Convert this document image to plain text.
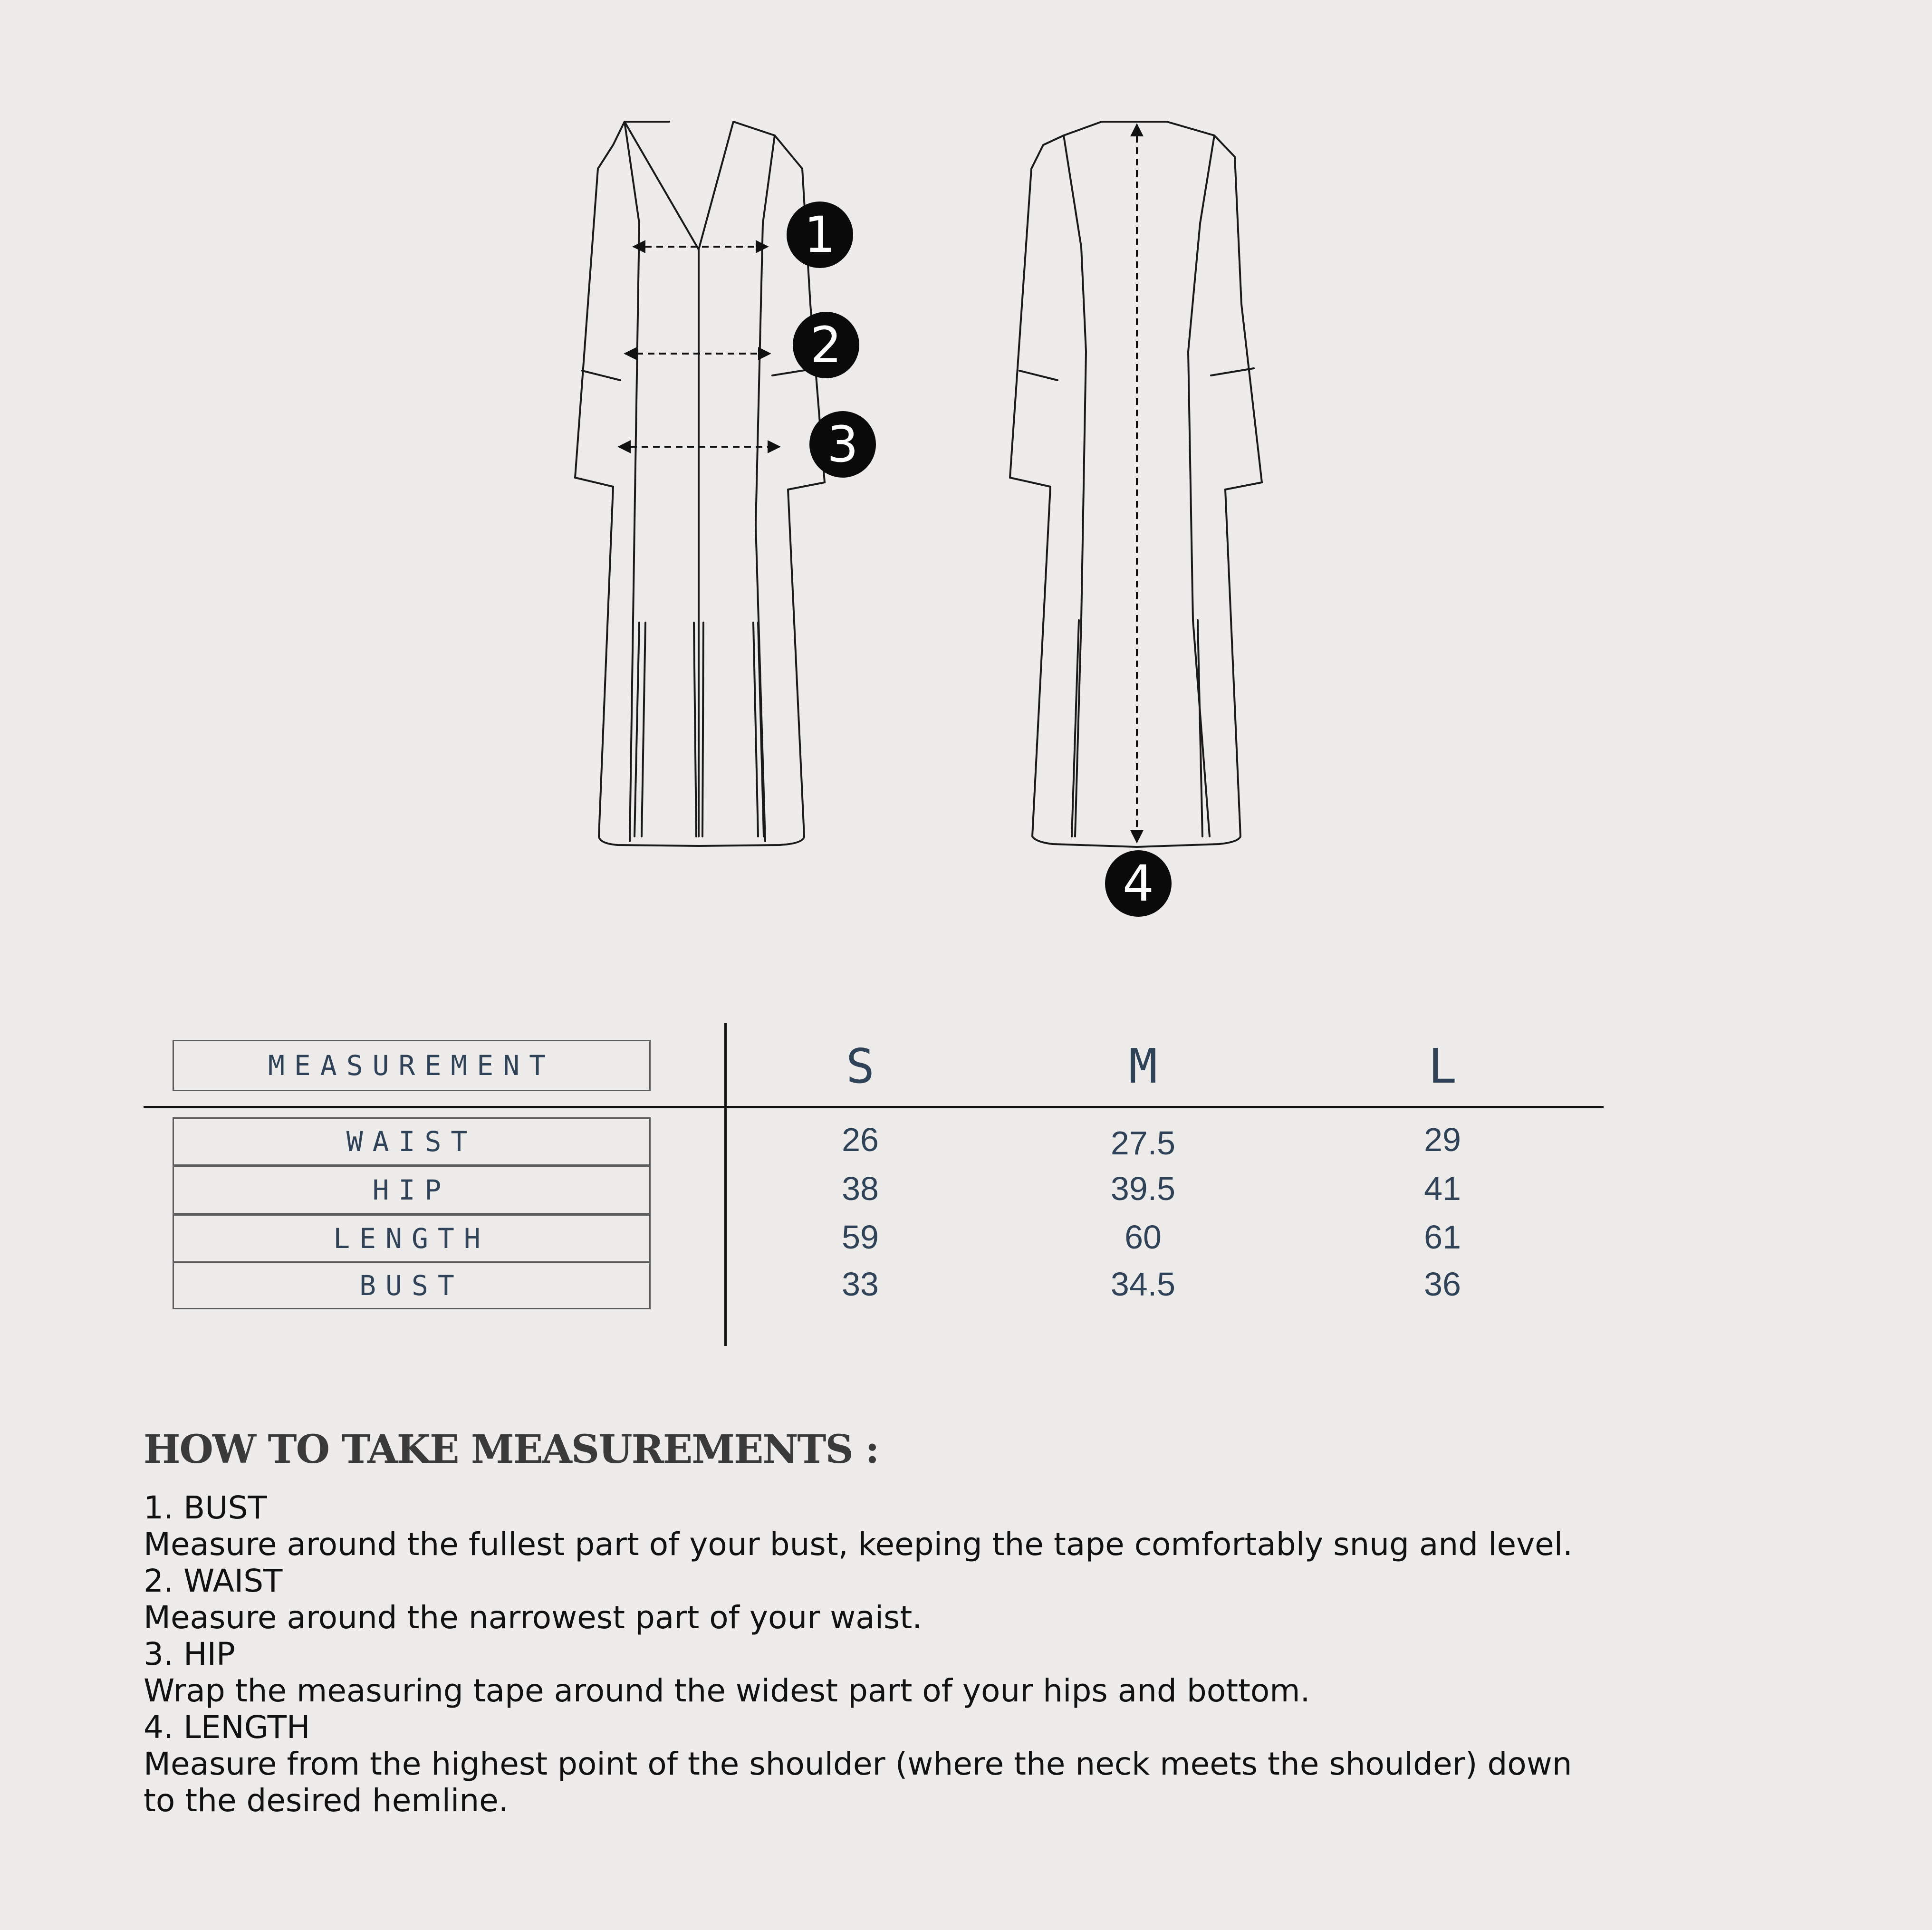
1
2
3
4
MEASUREMENT	S	M	L
WAIST	26	27.5	29
HIP	38	39.5	41
LENGTH	59	60	61
BUST	33	34.5	36
HOW TO TAKE MEASUREMENTS :
1. BUST
Measure around the fullest part of your bust, keeping the tape comfortably snug and level.
2. WAIST
Measure around the narrowest part of your waist.
3. HIP
Wrap the measuring tape around the widest part of your hips and bottom.
4. LENGTH
Measure from the highest point of the shoulder (where the neck meets the shoulder) down to the desired hemline.
